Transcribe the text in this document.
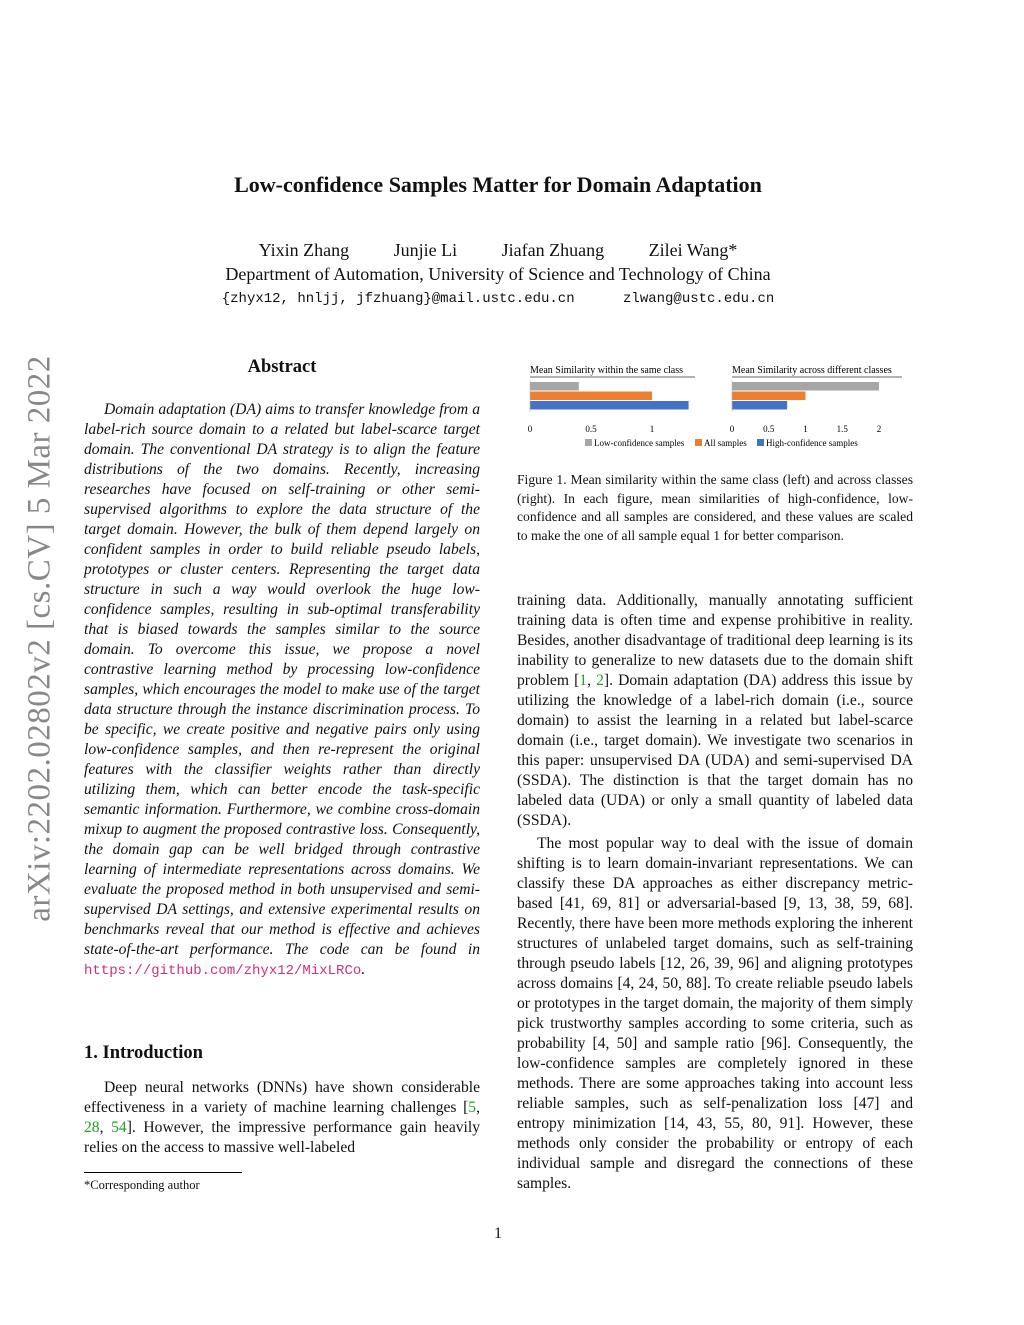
Low-confidence Samples Matter for Domain Adaptation
Yixin Zhang Junjie Li Jiafan Zhuang Zilei Wang*
Department of Automation, University of Science and Technology of China
{zhyx12, hnljj, jfzhuang}@mail.ustc.edu.cn	zlwang@ustc.edu.cn
arXiv:2202.02802v2 [cs.CV] 5 Mar 2022	Abstract
Domain adaptation (DA) aims to transfer knowledge from a label-rich source domain to a related but label-scarce target domain. The conventional DA strategy is to align the feature distributions of the two domains. Recently, increasing researches have focused on self-training or other semi-supervised algorithms to explore the data structure of the target domain. However, the bulk of them depend largely on confident samples in order to build reliable pseudo labels, prototypes or cluster centers. Representing the target data structure in such a way would overlook the huge low-confidence samples, resulting in sub-optimal transferability that is biased towards the samples similar to the source domain. To overcome this issue, we propose a novel contrastive learning method by processing low-confidence samples, which encourages the model to make use of the target data structure through the instance discrimination process. To be specific, we create positive and negative pairs only using low-confidence samples, and then re-represent the original features with the classifier weights rather than directly utilizing them, which can better encode the task-specific semantic information. Furthermore, we combine cross-domain mixup to augment the proposed contrastive loss. Consequently, the domain gap can be well bridged through contrastive learning of intermediate representations across domains. We evaluate the proposed method in both unsupervised and semi-supervised DA settings, and extensive experimental results on benchmarks reveal that our method is effective and achieves state-of-the-art performance. The code can be found in https://github.com/zhyx12/MixLRCo.
1. Introduction
Deep neural networks (DNNs) have shown considerable effectiveness in a variety of machine learning challenges [5, 28, 54]. However, the impressive performance gain heavily relies on the access to massive well-labeled
*Corresponding author
Mean Similarity within the same class
0	0.5	1
Mean Similarity across different classes
0	0.5	1	1.5	2
Low-confidence samples All samples High-confidence samples
Figure 1. Mean similarity within the same class (left) and across classes (right). In each figure, mean similarities of high-confidence, low-confidence and all samples are considered, and these values are scaled to make the one of all sample equal 1 for better comparison.
training data. Additionally, manually annotating sufficient training data is often time and expense prohibitive in reality. Besides, another disadvantage of traditional deep learning is its inability to generalize to new datasets due to the domain shift problem [1, 2]. Domain adaptation (DA) address this issue by utilizing the knowledge of a label-rich domain (i.e., source domain) to assist the learning in a related but label-scarce domain (i.e., target domain). We investigate two scenarios in this paper: unsupervised DA (UDA) and semi-supervised DA (SSDA). The distinction is that the target domain has no labeled data (UDA) or only a small quantity of labeled data (SSDA).
The most popular way to deal with the issue of domain shifting is to learn domain-invariant representations. We can classify these DA approaches as either discrepancy metric-based [41, 69, 81] or adversarial-based [9, 13, 38, 59, 68]. Recently, there have been more methods exploring the inherent structures of unlabeled target domains, such as self-training through pseudo labels [12, 26, 39, 96] and aligning prototypes across domains [4, 24, 50, 88]. To create reliable pseudo labels or prototypes in the target domain, the majority of them simply pick trustworthy samples according to some criteria, such as probability [4, 50] and sample ratio [96]. Consequently, the low-confidence samples are completely ignored in these methods. There are some approaches taking into account less reliable samples, such as self-penalization loss [47] and entropy minimization [14, 43, 55, 80, 91]. However, these methods only consider the probability or entropy of each individual sample and disregard the connections of these samples.
1
